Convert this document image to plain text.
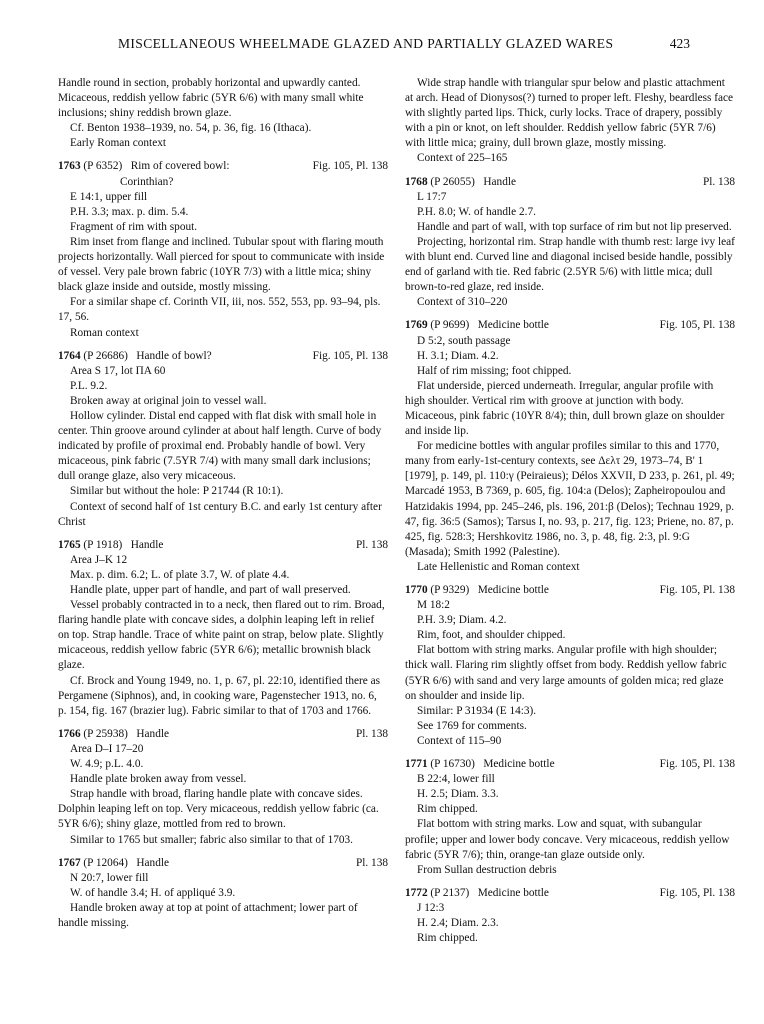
MISCELLANEOUS WHEELMADE GLAZED AND PARTIALLY GLAZED WARES	423

Handle round in section, probably horizontal and upwardly canted. Micaceous, reddish yellow fabric (5YR 6/6) with many small white inclusions; shiny reddish brown glaze.

Cf. Benton 1938–1939, no. 54, p. 36, fig. 16 (Ithaca).

Early Roman context

1763 (P 6352) Rim of covered bowl:	Fig. 105, Pl. 138

Corinthian?

E 14:1, upper fill

P.H. 3.3; max. p. dim. 5.4.

Fragment of rim with spout.

Rim inset from flange and inclined. Tubular spout with flaring mouth projects horizontally. Wall pierced for spout to communicate with inside of vessel. Very pale brown fabric (10YR 7/3) with a little mica; shiny black glaze inside and outside, mostly missing.

For a similar shape cf. Corinth VII, iii, nos. 552, 553, pp. 93–94, pls. 17, 56.

Roman context

1764 (P 26686) Handle of bowl?	Fig. 105, Pl. 138

Area S 17, lot ΠΑ 60

P.L. 9.2.

Broken away at original join to vessel wall.

Hollow cylinder. Distal end capped with flat disk with small hole in center. Thin groove around cylinder at about half length. Curve of body indicated by profile of proximal end. Probably handle of bowl. Very micaceous, pink fabric (7.5YR 7/4) with many small dark inclusions; dull orange glaze, also very micaceous.

Similar but without the hole: P 21744 (R 10:1).

Context of second half of 1st century B.C. and early 1st century after Christ

1765 (P 1918) Handle	Pl. 138

Area J–K 12

Max. p. dim. 6.2; L. of plate 3.7, W. of plate 4.4.

Handle plate, upper part of handle, and part of wall preserved.

Vessel probably contracted in to a neck, then flared out to rim. Broad, flaring handle plate with concave sides, a dolphin leaping left in relief on top. Strap handle. Trace of white paint on strap, below plate. Slightly micaceous, reddish yellow fabric (5YR 6/6); metallic brownish black glaze.

Cf. Brock and Young 1949, no. 1, p. 67, pl. 22:10, identified there as Pergamene (Siphnos), and, in cooking ware, Pagenstecher 1913, no. 6, p. 154, fig. 167 (brazier lug). Fabric similar to that of 1703 and 1766.

1766 (P 25938) Handle	Pl. 138

Area D–I 17–20

W. 4.9; p.L. 4.0.

Handle plate broken away from vessel.

Strap handle with broad, flaring handle plate with concave sides. Dolphin leaping left on top. Very micaceous, reddish yellow fabric (ca. 5YR 6/6); shiny glaze, mottled from red to brown.

Similar to 1765 but smaller; fabric also similar to that of 1703.

1767 (P 12064) Handle	Pl. 138

N 20:7, lower fill

W. of handle 3.4; H. of appliqué 3.9.

Handle broken away at top at point of attachment; lower part of handle missing.

Wide strap handle with triangular spur below and plastic attachment at arch. Head of Dionysos(?) turned to proper left. Fleshy, beardless face with slightly parted lips. Thick, curly locks. Trace of drapery, possibly with a pin or knot, on left shoulder. Reddish yellow fabric (5YR 7/6) with little mica; grainy, dull brown glaze, mostly missing.

Context of 225–165

1768 (P 26055) Handle	Pl. 138

L 17:7

P.H. 8.0; W. of handle 2.7.

Handle and part of wall, with top surface of rim but not lip preserved.

Projecting, horizontal rim. Strap handle with thumb rest: large ivy leaf with blunt end. Curved line and diagonal incised beside handle, possibly end of garland with tie. Red fabric (2.5YR 5/6) with little mica; dull brown-to-red glaze, red inside.

Context of 310–220

1769 (P 9699) Medicine bottle	Fig. 105, Pl. 138

D 5:2, south passage

H. 3.1; Diam. 4.2.

Half of rim missing; foot chipped.

Flat underside, pierced underneath. Irregular, angular profile with high shoulder. Vertical rim with groove at junction with body. Micaceous, pink fabric (10YR 8/4); thin, dull brown glaze on shoulder and inside lip.

For medicine bottles with angular profiles similar to this and 1770, many from early-1st-century contexts, see Δελτ 29, 1973–74, B' 1 [1979], p. 149, pl. 110:γ (Peiraieus); Délos XXVII, D 233, p. 261, pl. 49; Marcadé 1953, B 7369, p. 605, fig. 104:a (Delos); Zapheiropoulou and Hatzidakis 1994, pp. 245–246, pls. 196, 201:β (Delos); Technau 1929, p. 47, fig. 36:5 (Samos); Tarsus I, no. 93, p. 217, fig. 123; Priene, no. 87, p. 425, fig. 528:3; Hershkovitz 1986, no. 3, p. 48, fig. 2:3, pl. 9:G (Masada); Smith 1992 (Palestine).

Late Hellenistic and Roman context

1770 (P 9329) Medicine bottle	Fig. 105, Pl. 138

M 18:2

P.H. 3.9; Diam. 4.2.

Rim, foot, and shoulder chipped.

Flat bottom with string marks. Angular profile with high shoulder; thick wall. Flaring rim slightly offset from body. Reddish yellow fabric (5YR 6/6) with sand and very large amounts of golden mica; red glaze on shoulder and inside lip.

Similar: P 31934 (E 14:3).

See 1769 for comments.

Context of 115–90

1771 (P 16730) Medicine bottle	Fig. 105, Pl. 138

B 22:4, lower fill

H. 2.5; Diam. 3.3.

Rim chipped.

Flat bottom with string marks. Low and squat, with subangular profile; upper and lower body concave. Very micaceous, reddish yellow fabric (5YR 7/6); thin, orange-tan glaze outside only.

From Sullan destruction debris

1772 (P 2137) Medicine bottle	Fig. 105, Pl. 138

J 12:3

H. 2.4; Diam. 2.3.

Rim chipped.
